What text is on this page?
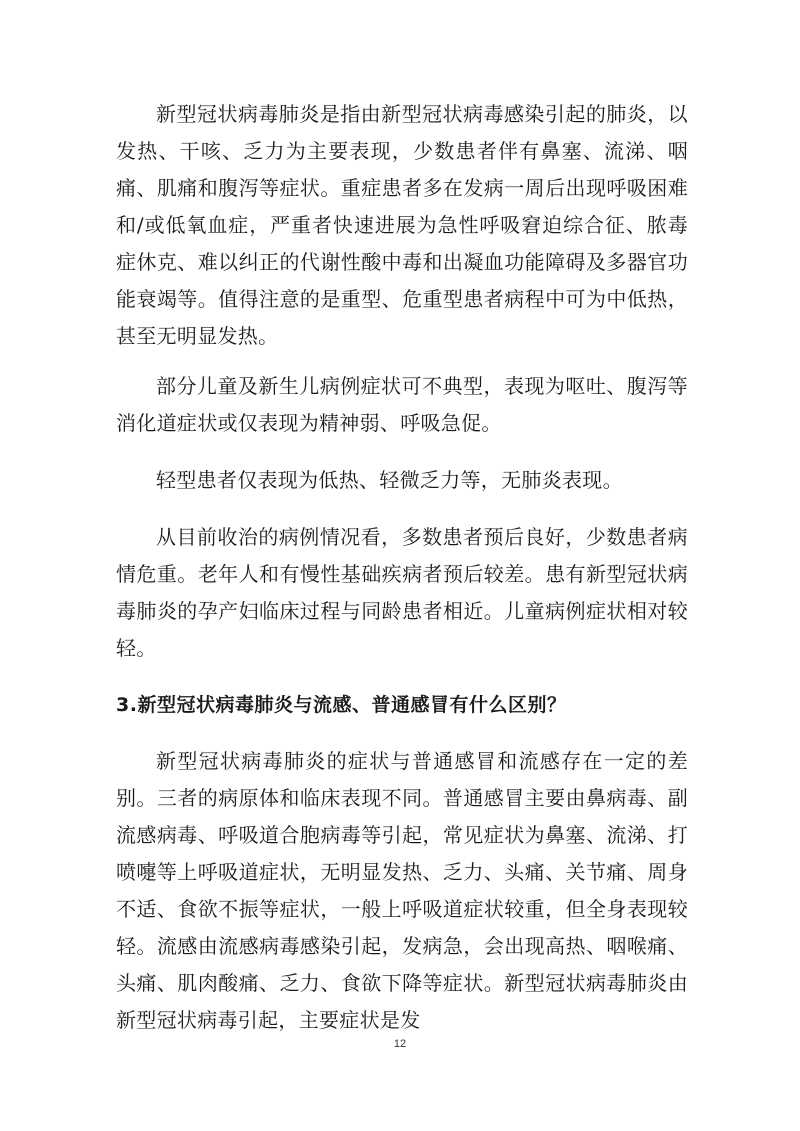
新型冠状病毒肺炎是指由新型冠状病毒感染引起的肺炎，以发热、干咳、乏力为主要表现，少数患者伴有鼻塞、流涕、咽痛、肌痛和腹泻等症状。重症患者多在发病一周后出现呼吸困难和/或低氧血症，严重者快速进展为急性呼吸窘迫综合征、脓毒症休克、难以纠正的代谢性酸中毒和出凝血功能障碍及多器官功能衰竭等。值得注意的是重型、危重型患者病程中可为中低热，甚至无明显发热。

部分儿童及新生儿病例症状可不典型，表现为呕吐、腹泻等消化道症状或仅表现为精神弱、呼吸急促。

轻型患者仅表现为低热、轻微乏力等，无肺炎表现。

从目前收治的病例情况看，多数患者预后良好，少数患者病情危重。老年人和有慢性基础疾病者预后较差。患有新型冠状病毒肺炎的孕产妇临床过程与同龄患者相近。儿童病例症状相对较轻。

3.新型冠状病毒肺炎与流感、普通感冒有什么区别？

新型冠状病毒肺炎的症状与普通感冒和流感存在一定的差别。三者的病原体和临床表现不同。普通感冒主要由鼻病毒、副流感病毒、呼吸道合胞病毒等引起，常见症状为鼻塞、流涕、打喷嚏等上呼吸道症状，无明显发热、乏力、头痛、关节痛、周身不适、食欲不振等症状，一般上呼吸道症状较重，但全身表现较轻。流感由流感病毒感染引起，发病急，会出现高热、咽喉痛、头痛、肌肉酸痛、乏力、食欲下降等症状。新型冠状病毒肺炎由新型冠状病毒引起，主要症状是发

12
